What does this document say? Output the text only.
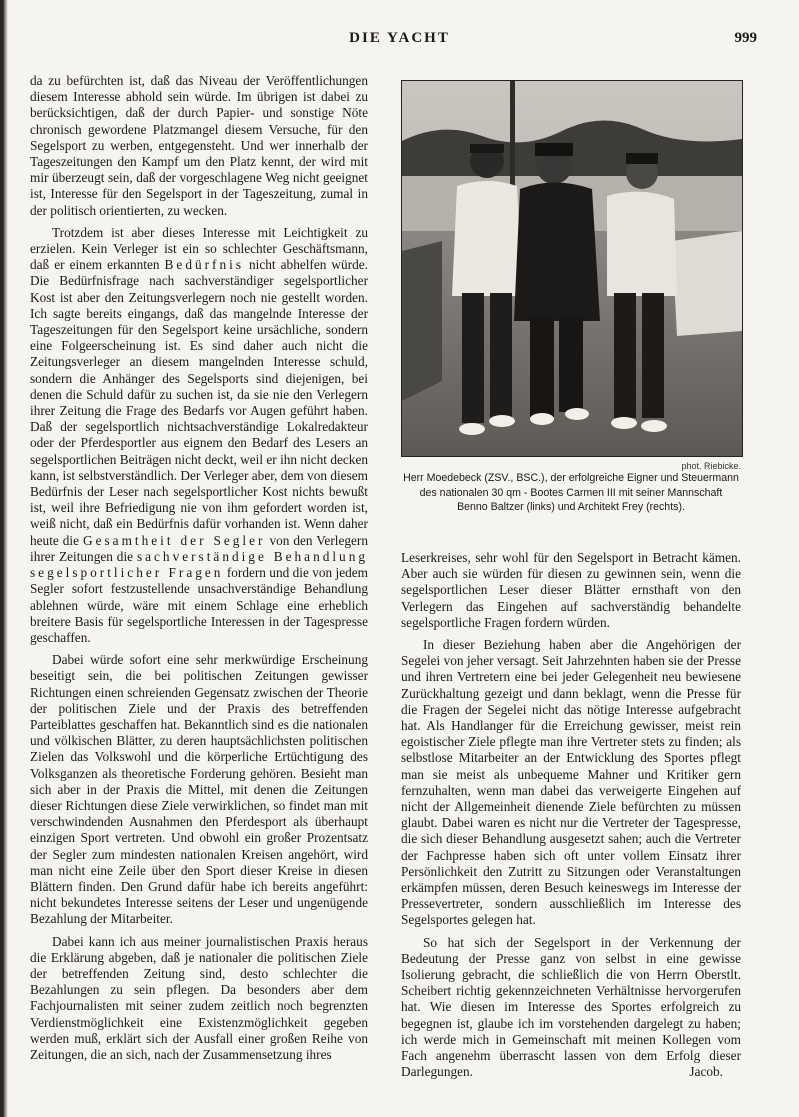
DIE YACHT	999

da zu befürchten ist, daß das Niveau der Veröffentlichungen diesem Interesse abhold sein würde. Im übrigen ist dabei zu berücksichtigen, daß der durch Papier- und sonstige Nöte chronisch gewordene Platzmangel diesem Versuche, für den Segelsport zu werben, entgegensteht. Und wer innerhalb der Tageszeitungen den Kampf um den Platz kennt, der wird mit mir überzeugt sein, daß der vorgeschlagene Weg nicht geeignet ist, Interesse für den Segelsport in der Tageszeitung, zumal in der politisch orientierten, zu wecken.

Trotzdem ist aber dieses Interesse mit Leichtigkeit zu erzielen. Kein Verleger ist ein so schlechter Geschäftsmann, daß er einem erkannten Bedürfnis nicht abhelfen würde. Die Bedürfnisfrage nach sachverständiger segelsportlicher Kost ist aber den Zeitungsverlegern noch nie gestellt worden. Ich sagte bereits eingangs, daß das mangelnde Interesse der Tageszeitungen für den Segelsport keine ursächliche, sondern eine Folgeerscheinung ist. Es sind daher auch nicht die Zeitungsverleger an diesem mangelnden Interesse schuld, sondern die Anhänger des Segelsports sind diejenigen, bei denen die Schuld dafür zu suchen ist, da sie nie den Verlegern ihrer Zeitung die Frage des Bedarfs vor Augen geführt haben. Daß der segelsportlich nichtsachverständige Lokalredakteur oder der Pferdesportler aus eignem den Bedarf des Lesers an segelsportlichen Beiträgen nicht deckt, weil er ihn nicht decken kann, ist selbstverständlich. Der Verleger aber, dem von diesem Bedürfnis der Leser nach segelsportlicher Kost nichts bewußt ist, weil ihre Befriedigung nie von ihm gefordert worden ist, weiß nicht, daß ein Bedürfnis dafür vorhanden ist. Wenn daher heute die Gesamtheit der Segler von den Verlegern ihrer Zeitungen die sachverständige Behandlung segelsportlicher Fragen fordern und die von jedem Segler sofort festzustellende unsachverständige Behandlung ablehnen würde, wäre mit einem Schlage eine erheblich breitere Basis für segelsportliche Interessen in der Tagespresse geschaffen.

Dabei würde sofort eine sehr merkwürdige Erscheinung beseitigt sein, die bei politischen Zeitungen gewisser Richtungen einen schreienden Gegensatz zwischen der Theorie der politischen Ziele und der Praxis des betreffenden Parteiblattes geschaffen hat. Bekanntlich sind es die nationalen und völkischen Blätter, zu deren hauptsächlichsten politischen Zielen das Volkswohl und die körperliche Ertüchtigung des Volksganzen als theoretische Forderung gehören. Besieht man sich aber in der Praxis die Mittel, mit denen die Zeitungen dieser Richtungen diese Ziele verwirklichen, so findet man mit verschwindenden Ausnahmen den Pferdesport als überhaupt einzigen Sport vertreten. Und obwohl ein großer Prozentsatz der Segler zum mindesten nationalen Kreisen angehört, wird man nicht eine Zeile über den Sport dieser Kreise in diesen Blättern finden. Den Grund dafür habe ich bereits angeführt: nicht bekundetes Interesse seitens der Leser und ungenügende Bezahlung der Mitarbeiter.

Dabei kann ich aus meiner journalistischen Praxis heraus die Erklärung abgeben, daß je nationaler die politischen Ziele der betreffenden Zeitung sind, desto schlechter die Bezahlungen zu sein pflegen. Da besonders aber dem Fachjournalisten mit seiner zudem zeitlich noch begrenzten Verdienstmöglichkeit eine Existenzmöglichkeit gegeben werden muß, erklärt sich der Ausfall einer großen Reihe von Zeitungen, die an sich, nach der Zusammensetzung ihres

phot. Riebicke.
Herr Moedebeck (ZSV., BSC.), der erfolgreiche Eigner und Steuermann
des nationalen 30 qm - Bootes Carmen III mit seiner Mannschaft
Benno Baltzer (links) und Architekt Frey (rechts).

Leserkreises, sehr wohl für den Segelsport in Betracht kämen. Aber auch sie würden für diesen zu gewinnen sein, wenn die segelsportlichen Leser dieser Blätter ernsthaft von den Verlegern das Eingehen auf sachverständig behandelte segelsportliche Fragen fordern würden.

In dieser Beziehung haben aber die Angehörigen der Segelei von jeher versagt. Seit Jahrzehnten haben sie der Presse und ihren Vertretern eine bei jeder Gelegenheit neu bewiesene Zurückhaltung gezeigt und dann beklagt, wenn die Presse für die Fragen der Segelei nicht das nötige Interesse aufgebracht hat. Als Handlanger für die Erreichung gewisser, meist rein egoistischer Ziele pflegte man ihre Vertreter stets zu finden; als selbstlose Mitarbeiter an der Entwicklung des Sportes pflegt man sie meist als unbequeme Mahner und Kritiker gern fernzuhalten, wenn man dabei das verweigerte Eingehen auf nicht der Allgemeinheit dienende Ziele befürchten zu müssen glaubt. Dabei waren es nicht nur die Vertreter der Tagespresse, die sich dieser Behandlung ausgesetzt sahen; auch die Vertreter der Fachpresse haben sich oft unter vollem Einsatz ihrer Persönlichkeit den Zutritt zu Sitzungen oder Veranstaltungen erkämpfen müssen, deren Besuch keineswegs im Interesse der Pressevertreter, sondern ausschließlich im Interesse des Segelsportes gelegen hat.

So hat sich der Segelsport in der Verkennung der Bedeutung der Presse ganz von selbst in eine gewisse Isolierung gebracht, die schließlich die von Herrn Oberstlt. Scheibert richtig gekennzeichneten Verhältnisse hervorgerufen hat. Wie diesen im Interesse des Sportes erfolgreich zu begegnen ist, glaube ich im vorstehenden dargelegt zu haben; ich werde mich in Gemeinschaft mit meinen Kollegen vom Fach angenehm überrascht lassen von dem Erfolg dieser Darlegungen.	Jacob.
